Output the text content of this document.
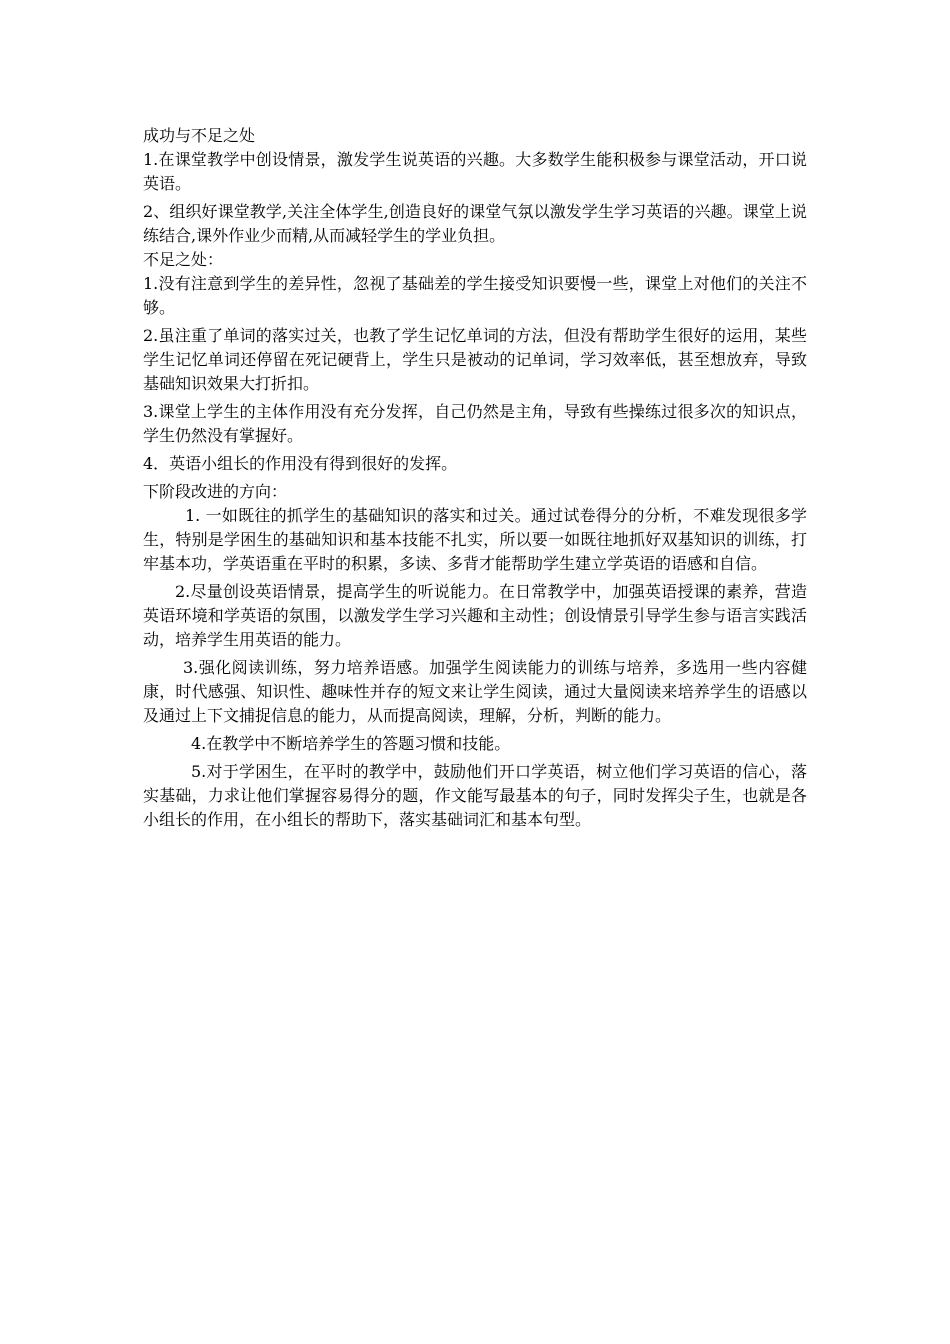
成功与不足之处

1.在课堂教学中创设情景，激发学生说英语的兴趣。大多数学生能积极参与课堂活动，开口说英语。

2、组织好课堂教学,关注全体学生,创造良好的课堂气氛以激发学生学习英语的兴趣。课堂上说练结合,课外作业少而精,从而减轻学生的学业负担。

不足之处：

1.没有注意到学生的差异性，忽视了基础差的学生接受知识要慢一些，课堂上对他们的关注不够。

2.虽注重了单词的落实过关，也教了学生记忆单词的方法，但没有帮助学生很好的运用，某些学生记忆单词还停留在死记硬背上，学生只是被动的记单词，学习效率低，甚至想放弃，导致基础知识效果大打折扣。

3.课堂上学生的主体作用没有充分发挥，自己仍然是主角，导致有些操练过很多次的知识点，学生仍然没有掌握好。

4．英语小组长的作用没有得到很好的发挥。

下阶段改进的方向：

1. 一如既往的抓学生的基础知识的落实和过关。通过试卷得分的分析，不难发现很多学生，特别是学困生的基础知识和基本技能不扎实，所以要一如既往地抓好双基知识的训练，打牢基本功，学英语重在平时的积累，多读、多背才能帮助学生建立学英语的语感和自信。

2.尽量创设英语情景，提高学生的听说能力。在日常教学中，加强英语授课的素养，营造英语环境和学英语的氛围，以激发学生学习兴趣和主动性；创设情景引导学生参与语言实践活动，培养学生用英语的能力。

3.强化阅读训练，努力培养语感。加强学生阅读能力的训练与培养，多选用一些内容健康，时代感强、知识性、趣味性并存的短文来让学生阅读，通过大量阅读来培养学生的语感以及通过上下文捕捉信息的能力，从而提高阅读，理解，分析，判断的能力。

4.在教学中不断培养学生的答题习惯和技能。

5.对于学困生，在平时的教学中，鼓励他们开口学英语，树立他们学习英语的信心，落实基础，力求让他们掌握容易得分的题，作文能写最基本的句子，同时发挥尖子生，也就是各小组长的作用，在小组长的帮助下，落实基础词汇和基本句型。
